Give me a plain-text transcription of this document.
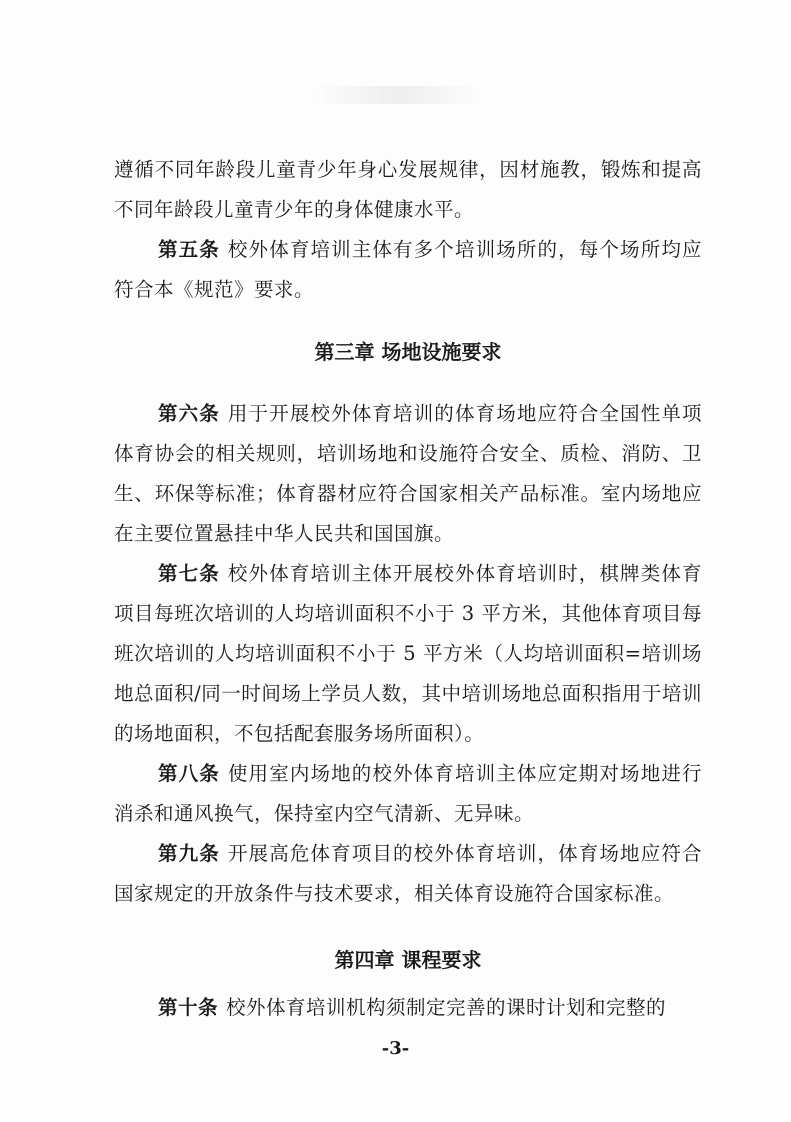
遵循不同年龄段儿童青少年身心发展规律，因材施教，锻炼和提高不同年龄段儿童青少年的身体健康水平。

第五条 校外体育培训主体有多个培训场所的，每个场所均应符合本《规范》要求。

第三章 场地设施要求

第六条 用于开展校外体育培训的体育场地应符合全国性单项体育协会的相关规则，培训场地和设施符合安全、质检、消防、卫生、环保等标准；体育器材应符合国家相关产品标准。室内场地应在主要位置悬挂中华人民共和国国旗。

第七条 校外体育培训主体开展校外体育培训时，棋牌类体育项目每班次培训的人均培训面积不小于 3 平方米，其他体育项目每班次培训的人均培训面积不小于 5 平方米（人均培训面积=培训场地总面积/同一时间场上学员人数，其中培训场地总面积指用于培训的场地面积，不包括配套服务场所面积）。

第八条 使用室内场地的校外体育培训主体应定期对场地进行消杀和通风换气，保持室内空气清新、无异味。

第九条 开展高危体育项目的校外体育培训，体育场地应符合国家规定的开放条件与技术要求，相关体育设施符合国家标准。

第四章 课程要求

第十条 校外体育培训机构须制定完善的课时计划和完整的

-3-
